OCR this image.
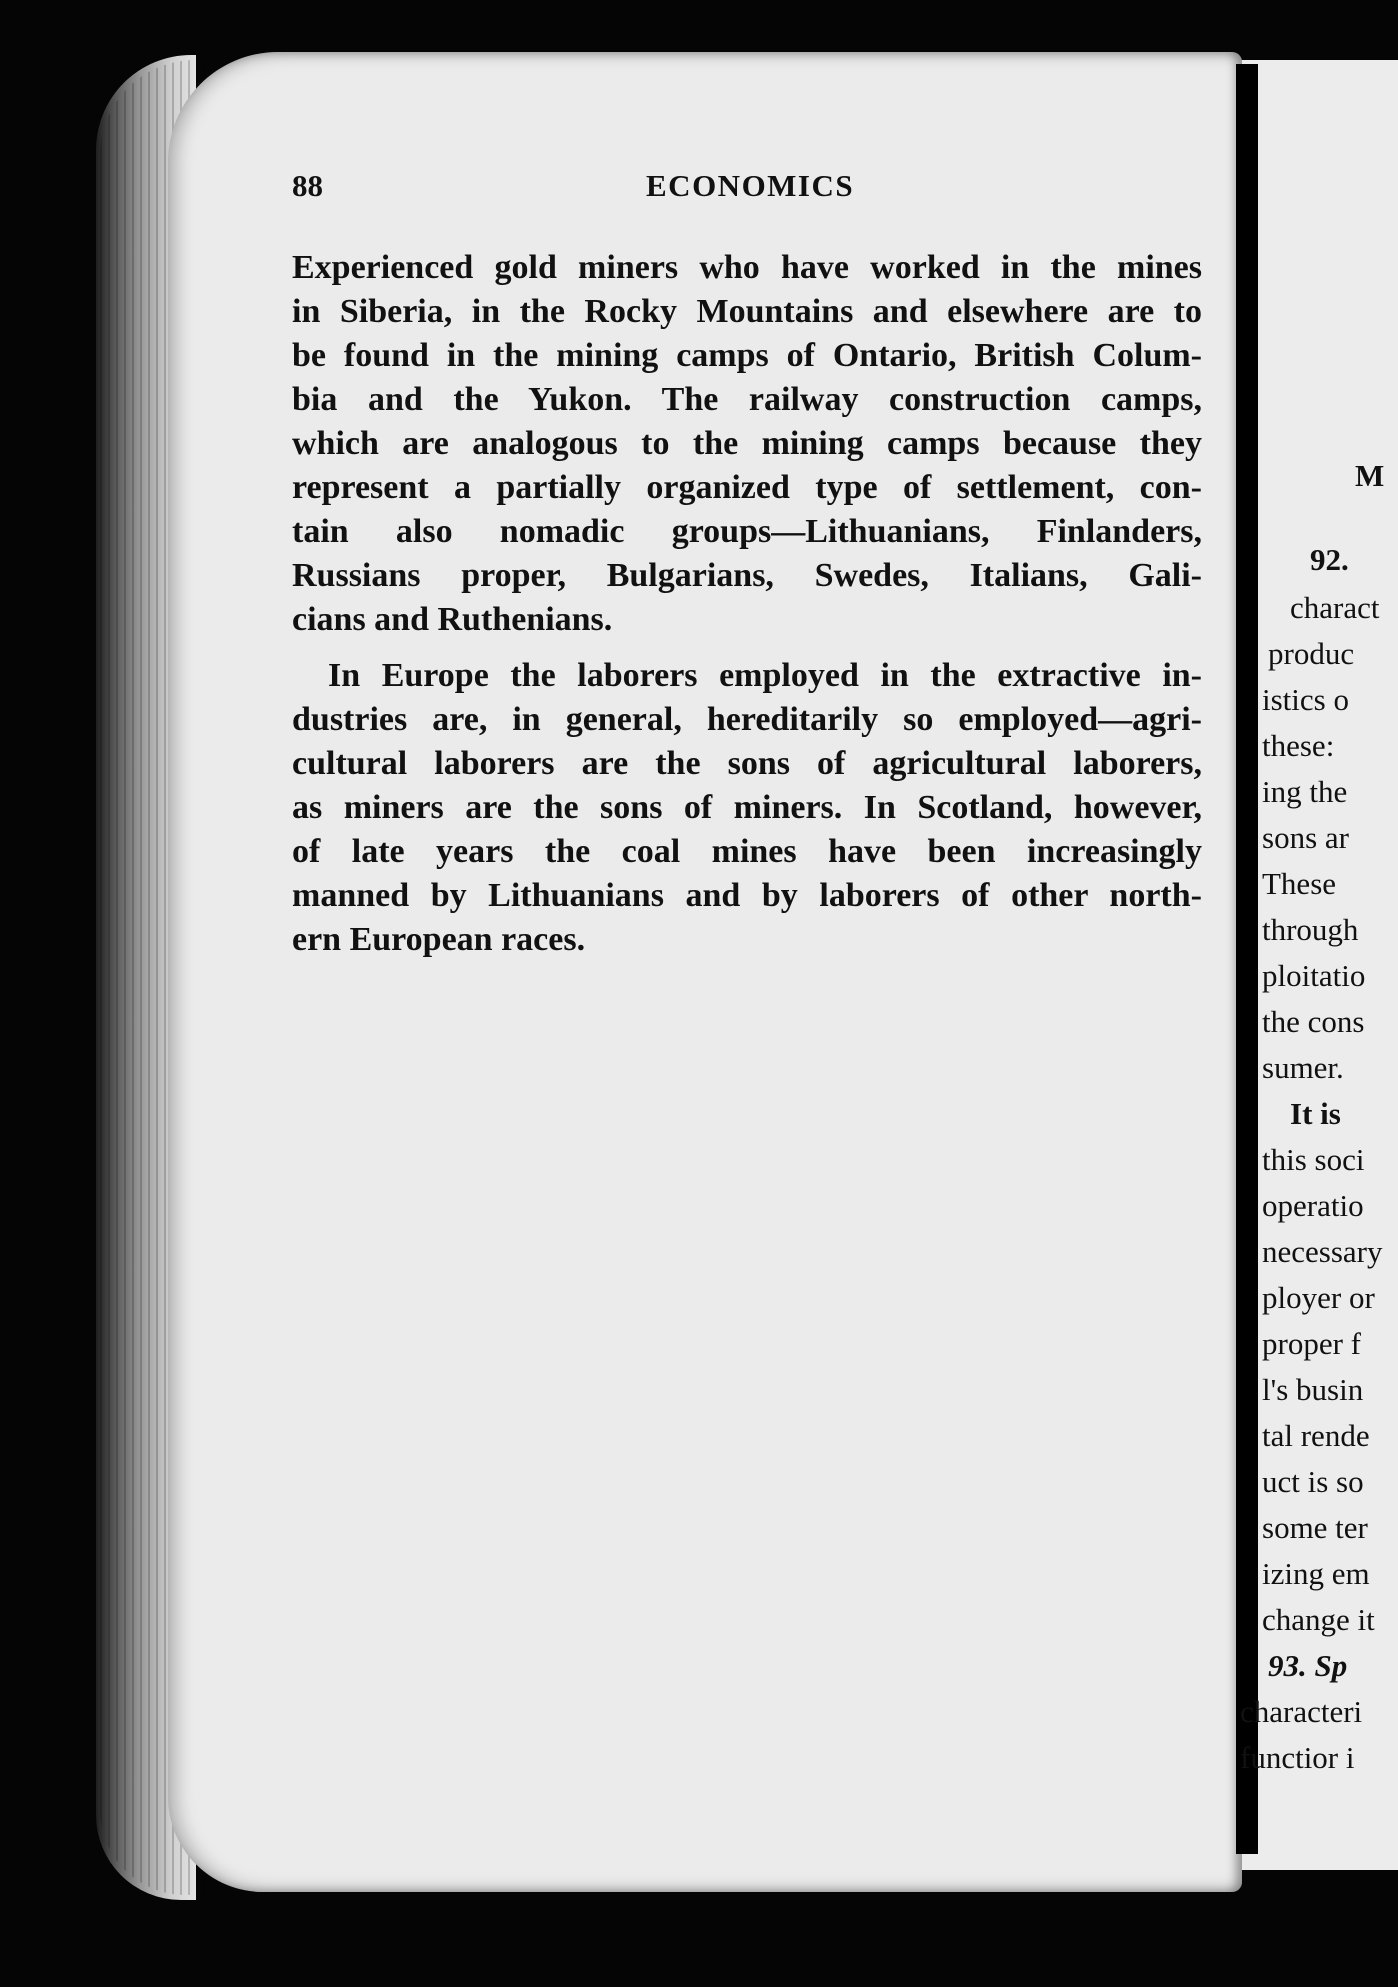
88	ECONOMICS

Experienced gold miners who have worked in the mines

in Siberia, in the Rocky Mountains and elsewhere are to

be found in the mining camps of Ontario, British Colum-

bia and the Yukon. The railway construction camps,

which are analogous to the mining camps because they

represent a partially organized type of settlement, con-

tain also nomadic groups—Lithuanians, Finlanders,

Russians proper, Bulgarians, Swedes, Italians, Gali-

cians and Ruthenians.

In Europe the laborers employed in the extractive in-

dustries are, in general, hereditarily so employed—agri-

cultural laborers are the sons of agricultural laborers,

as miners are the sons of miners. In Scotland, however,

of late years the coal mines have been increasingly

manned by Lithuanians and by laborers of other north-

ern European races.

M

92.

charact

produc

istics o

these:

ing the

sons ar

These

through

ploitatio

the cons

sumer.

It is

this soci

operatio

necessary

ployer or

proper f

l's busin

tal rende

uct is so

some ter

izing em

change it

93. Sp

characteri

functior i
